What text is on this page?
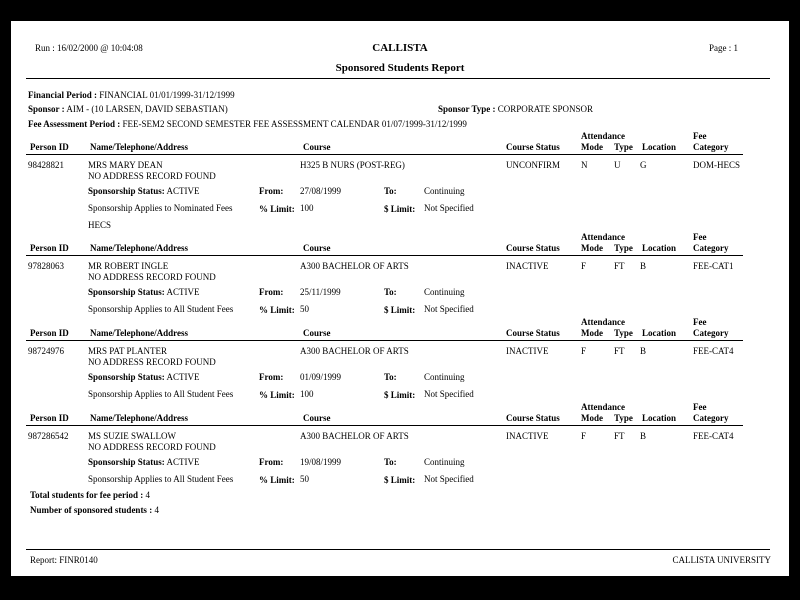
Run : 16/02/2000 @ 10:04:08	CALLISTA
Sponsored Students Report
Page : 1
Financial Period : FINANCIAL 01/01/1999-31/12/1999
Sponsor : AIM - (10 LARSEN, DAVID SEBASTIAN)	Sponsor Type : CORPORATE SPONSOR
Fee Assessment Period : FEE-SEM2 SECOND SEMESTER FEE ASSESSMENT CALENDAR 01/07/1999-31/12/1999
Person ID Name/Telephone/Address	Course	Course Status
Attendance
Mode Type Location
Fee
Category
98428821	MRS MARY DEAN
NO ADDRESS RECORD FOUND
H325 B NURS (POST-REG)	UNCONFIRM N	U G	DOM-HECS
Sponsorship Status: ACTIVE	From: 27/08/1999	To:	Continuing
Sponsorship Applies to Nominated Fees	% Limit: 100	$ Limit: Not Specified
HECS
Person ID Name/Telephone/Address	Course	Course Status
Attendance
Mode Type Location
Fee
Category
97828063	MR ROBERT INGLE
NO ADDRESS RECORD FOUND
A300 BACHELOR OF ARTS	INACTIVE	F	FT B	FEE-CAT1
Sponsorship Status: ACTIVE	From: 25/11/1999	To:	Continuing
Sponsorship Applies to All Student Fees	% Limit: 50	$ Limit: Not Specified
Person ID Name/Telephone/Address	Course	Course Status
Attendance
Mode Type Location
Fee
Category
98724976	MRS PAT PLANTER
NO ADDRESS RECORD FOUND
A300 BACHELOR OF ARTS	INACTIVE	F	FT B	FEE-CAT4
Sponsorship Status: ACTIVE	From: 01/09/1999	To:	Continuing
Sponsorship Applies to All Student Fees	% Limit: 100	$ Limit: Not Specified
Person ID Name/Telephone/Address	Course	Course Status
Attendance
Mode Type Location
Fee
Category
987286542 MS SUZIE SWALLOW
NO ADDRESS RECORD FOUND
A300 BACHELOR OF ARTS	INACTIVE	F	FT B	FEE-CAT4
Sponsorship Status: ACTIVE	From: 19/08/1999	To:	Continuing
Sponsorship Applies to All Student Fees	% Limit: 50	$ Limit: Not Specified
Total students for fee period : 4
Number of sponsored students : 4
Report: FINR0140	CALLISTA UNIVERSITY
